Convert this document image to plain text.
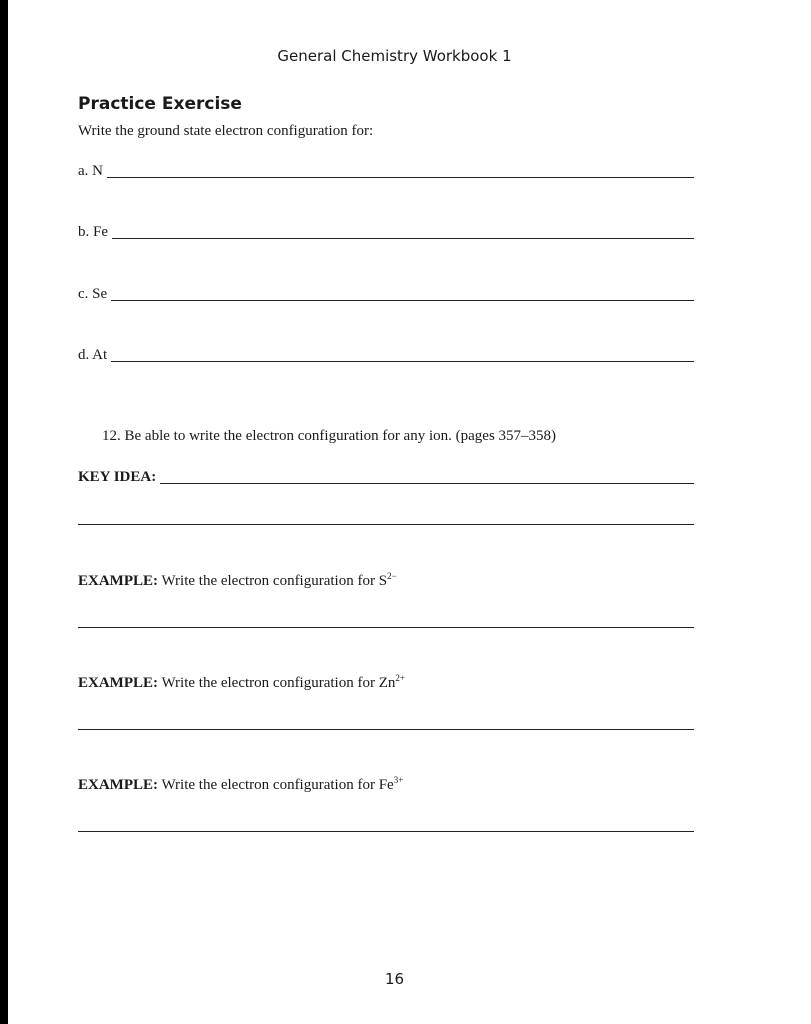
General Chemistry Workbook 1
Practice Exercise
Write the ground state electron configuration for:
a. N
b. Fe
c. Se
d. At
12. Be able to write the electron configuration for any ion. (pages 357–358)
KEY IDEA:
EXAMPLE: Write the electron configuration for $S^{2-}$
EXAMPLE: Write the electron configuration for $Zn^{2+}$
EXAMPLE: Write the electron configuration for $Fe^{3+}$
16
